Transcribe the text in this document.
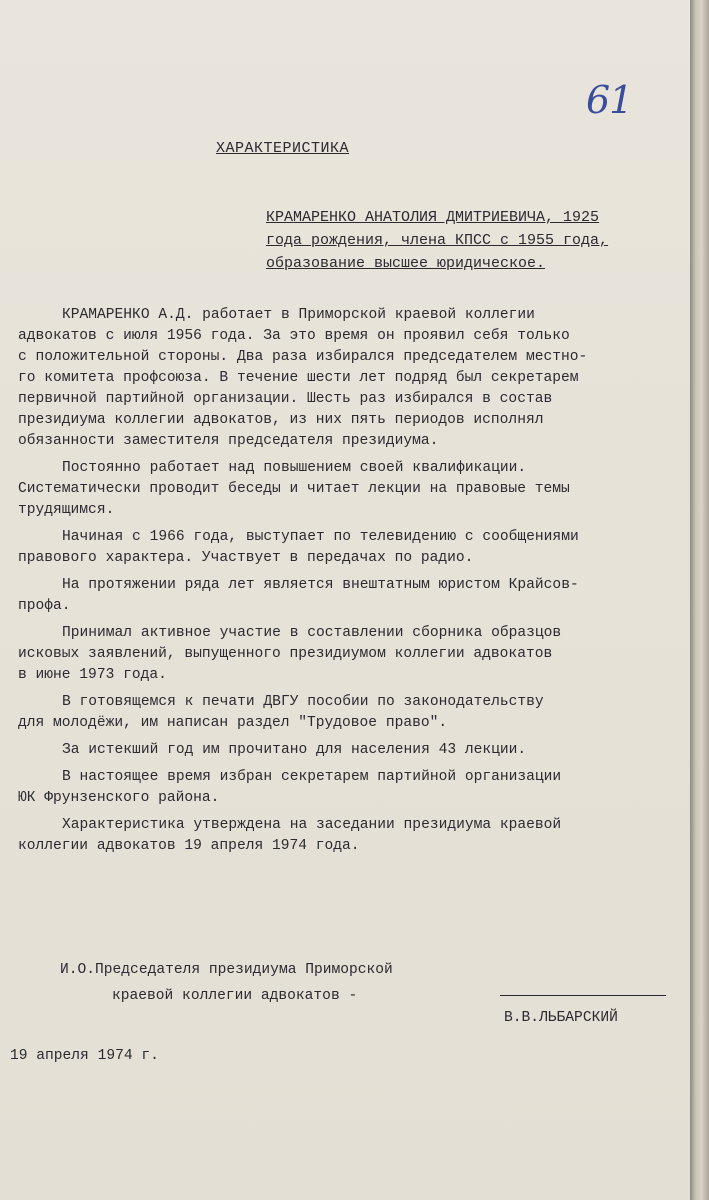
61
ХАРАКТЕРИСТИКА
КРАМАРЕНКО АНАТОЛИЯ ДМИТРИЕВИЧА, 1925
года рождения, члена КПСС с 1955 года,
образование высшее юридическое.
КРАМАРЕНКО А.Д. работает в Приморской краевой коллегии
адвокатов с июля 1956 года. За это время он проявил себя только
с положительной стороны. Два раза избирался председателем местно-
го комитета профсоюза. В течение шести лет подряд был секретарем
первичной партийной организации. Шесть раз избирался в состав
президиума коллегии адвокатов, из них пять периодов исполнял
обязанности заместителя председателя президиума.
Постоянно работает над повышением своей квалификации.
Систематически проводит беседы и читает лекции на правовые темы
трудящимся.
Начиная с 1966 года, выступает по телевидению с сообщениями
правового характера. Участвует в передачах по радио.
На протяжении ряда лет является внештатным юристом Крайсов-
профа.
Принимал активное участие в составлении сборника образцов
исковых заявлений, выпущенного президиумом коллегии адвокатов
в июне 1973 года.
В готовящемся к печати ДВГУ пособии по законодательству
для молодёжи, им написан раздел "Трудовое право".
За истекший год им прочитано для населения 43 лекции.
В настоящее время избран секретарем партийной организации
ЮК Фрунзенского района.
Характеристика утверждена на заседании президиума краевой
коллегии адвокатов 19 апреля 1974 года.
И.О.Председателя президиума Приморской
краевой коллегии адвокатов -
В.В.ЛЬБАРСКИЙ
19 апреля 1974 г.
